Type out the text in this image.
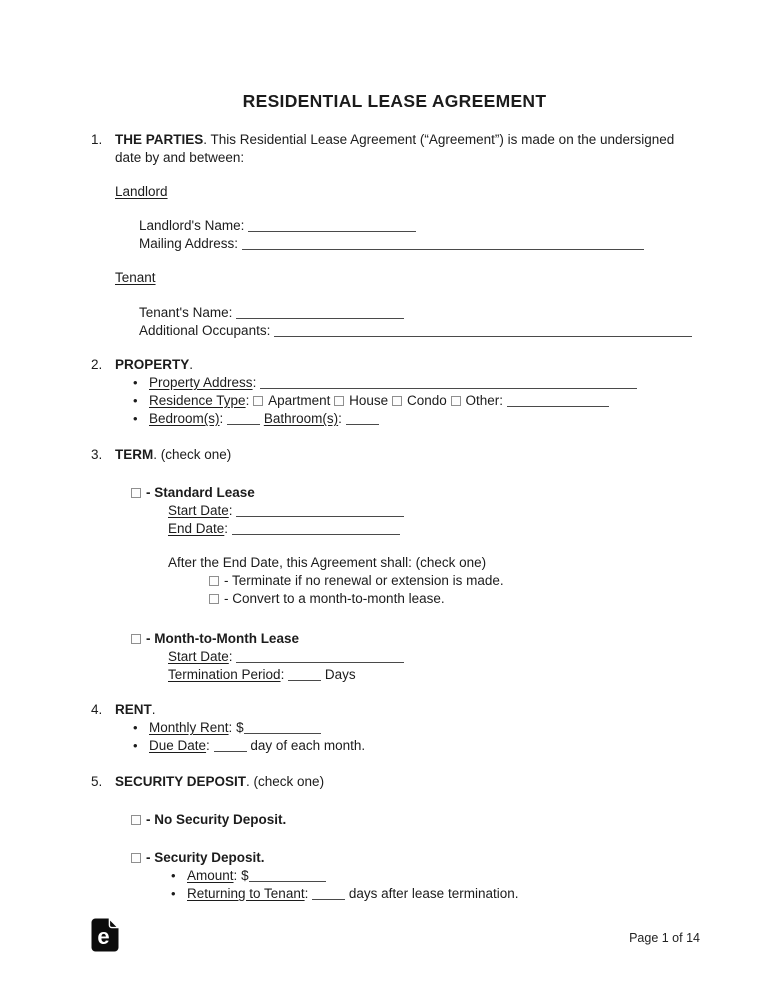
RESIDENTIAL LEASE AGREEMENT
1. THE PARTIES. This Residential Lease Agreement (“Agreement”) is made on the undersigned date by and between:
Landlord
Landlord's Name:
Mailing Address:
Tenant
Tenant's Name:
Additional Occupants:
2. PROPERTY.
• Property Address:
• Residence Type: Apartment House Condo Other:
• Bedroom(s):	Bathroom(s):
3. TERM. (check one)
- Standard Lease
Start Date:
End Date:
After the End Date, this Agreement shall: (check one)
- Terminate if no renewal or extension is made.
- Convert to a month-to-month lease.
- Month-to-Month Lease
Start Date:
Termination Period:	Days
4. RENT.
• Monthly Rent: $
• Due Date:	day of each month.
5. SECURITY DEPOSIT. (check one)
- No Security Deposit.
- Security Deposit.
• Amount: $
• Returning to Tenant:	days after lease termination.
e	Page 1 of 14
